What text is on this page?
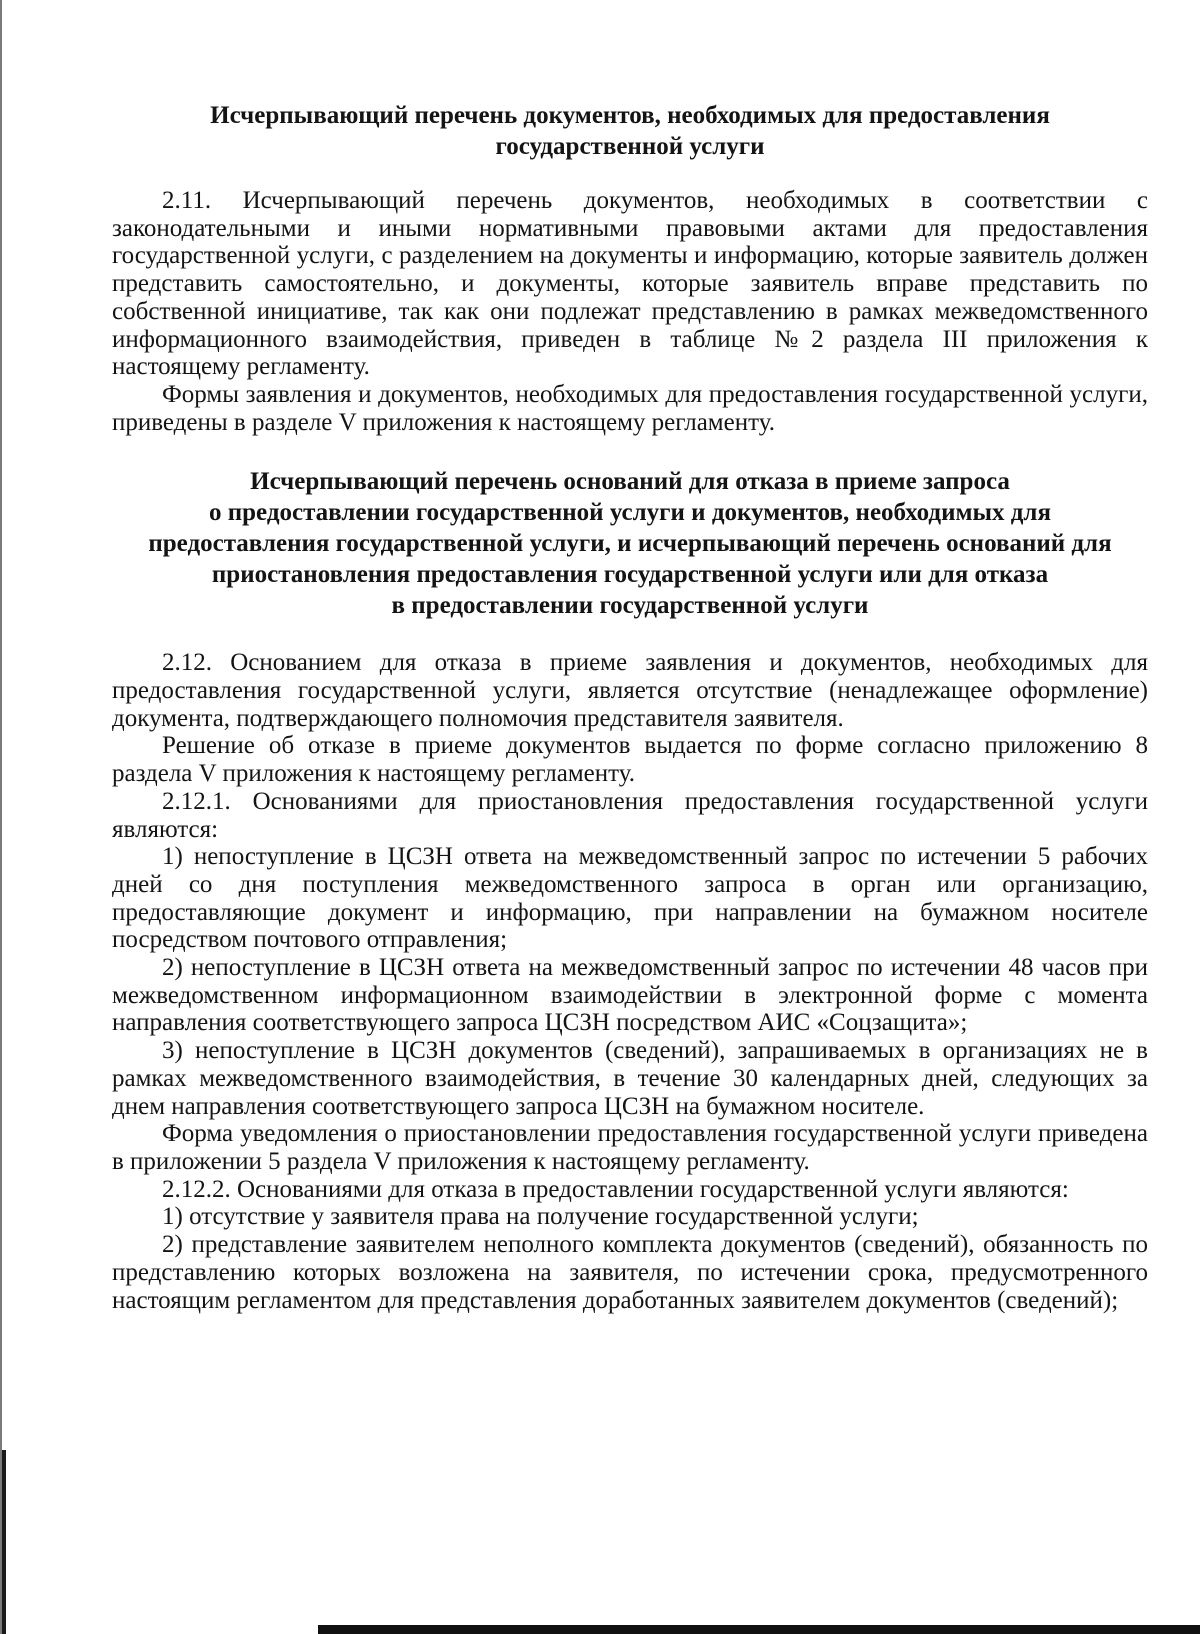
Исчерпывающий перечень документов, необходимых для предоставления
государственной услуги

2.11. Исчерпывающий перечень документов, необходимых в соответствии с законодательными и иными нормативными правовыми актами для предоставления государственной услуги, с разделением на документы и информацию, которые заявитель должен представить самостоятельно, и документы, которые заявитель вправе представить по собственной инициативе, так как они подлежат представлению в рамках межведомственного информационного взаимодействия, приведен в таблице №2 раздела III приложения к настоящему регламенту.

Формы заявления и документов, необходимых для предоставления государственной услуги, приведены в разделе V приложения к настоящему регламенту.

Исчерпывающий перечень оснований для отказа в приеме запроса
о предоставлении государственной услуги и документов, необходимых для
предоставления государственной услуги, и исчерпывающий перечень оснований для
приостановления предоставления государственной услуги или для отказа
в предоставлении государственной услуги

2.12. Основанием для отказа в приеме заявления и документов, необходимых для предоставления государственной услуги, является отсутствие (ненадлежащее оформление) документа, подтверждающего полномочия представителя заявителя.

Решение об отказе в приеме документов выдается по форме согласно приложению 8 раздела V приложения к настоящему регламенту.

2.12.1. Основаниями для приостановления предоставления государственной услуги являются:

1) непоступление в ЦСЗН ответа на межведомственный запрос по истечении 5 рабочих дней со дня поступления межведомственного запроса в орган или организацию, предоставляющие документ и информацию, при направлении на бумажном носителе посредством почтового отправления;

2) непоступление в ЦСЗН ответа на межведомственный запрос по истечении 48 часов при межведомственном информационном взаимодействии в электронной форме с момента направления соответствующего запроса ЦСЗН посредством АИС «Соцзащита»;

3) непоступление в ЦСЗН документов (сведений), запрашиваемых в организациях не в рамках межведомственного взаимодействия, в течение 30 календарных дней, следующих за днем направления соответствующего запроса ЦСЗН на бумажном носителе.

Форма уведомления о приостановлении предоставления государственной услуги приведена в приложении 5 раздела V приложения к настоящему регламенту.

2.12.2. Основаниями для отказа в предоставлении государственной услуги являются:

1) отсутствие у заявителя права на получение государственной услуги;

2) представление заявителем неполного комплекта документов (сведений), обязанность по представлению которых возложена на заявителя, по истечении срока, предусмотренного настоящим регламентом для представления доработанных заявителем документов (сведений);
